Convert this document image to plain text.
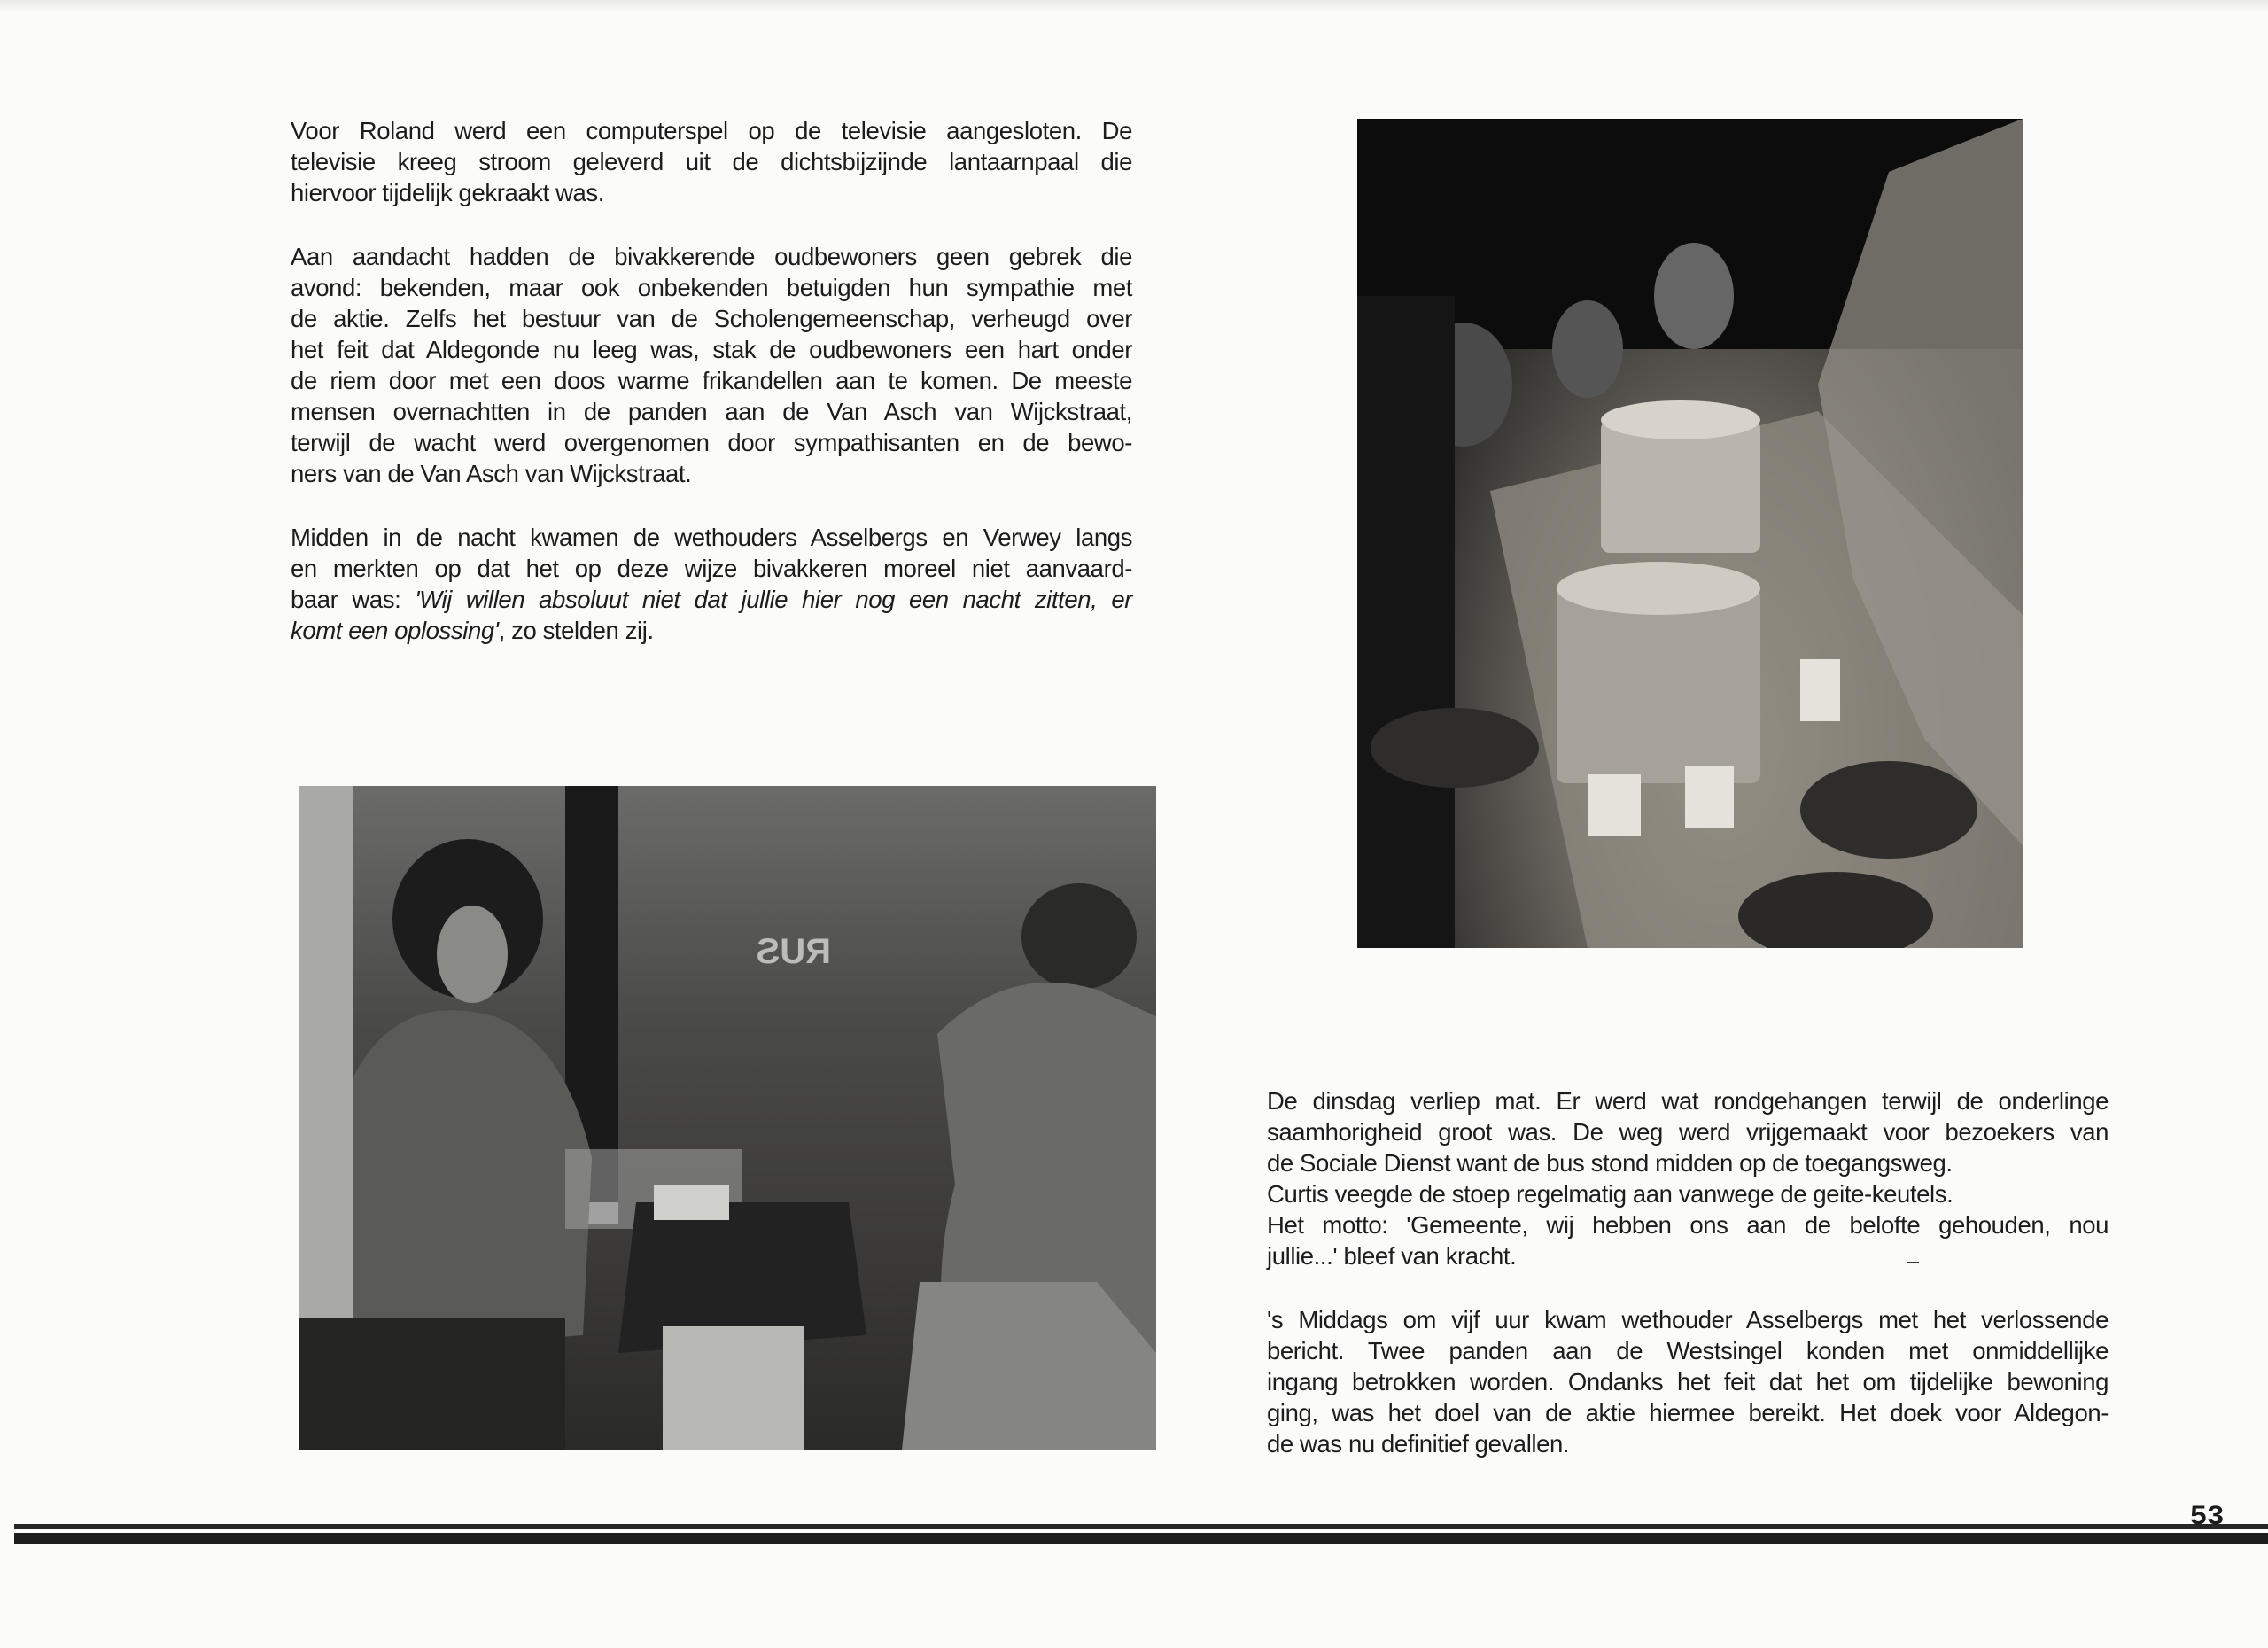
Voor Roland werd een computerspel op de televisie aangesloten. De
televisie kreeg stroom geleverd uit de dichtsbijzijnde lantaarnpaal die
hiervoor tijdelijk gekraakt was.
Aan aandacht hadden de bivakkerende oudbewoners geen gebrek die
avond: bekenden, maar ook onbekenden betuigden hun sympathie met
de aktie. Zelfs het bestuur van de Scholengemeenschap, verheugd over
het feit dat Aldegonde nu leeg was, stak de oudbewoners een hart onder
de riem door met een doos warme frikandellen aan te komen. De meeste
mensen overnachtten in de panden aan de Van Asch van Wijckstraat,
terwijl de wacht werd overgenomen door sympathisanten en de bewo-
ners van de Van Asch van Wijckstraat.
Midden in de nacht kwamen de wethouders Asselbergs en Verwey langs
en merkten op dat het op deze wijze bivakkeren moreel niet aanvaard-
baar was: 'Wij willen absoluut niet dat jullie hier nog een nacht zitten, er
komt een oplossing', zo stelden zij.
RUS
De dinsdag verliep mat. Er werd wat rondgehangen terwijl de onderlinge
saamhorigheid groot was. De weg werd vrijgemaakt voor bezoekers van
de Sociale Dienst want de bus stond midden op de toegangsweg.
Curtis veegde de stoep regelmatig aan vanwege de geite-keutels.
Het motto: 'Gemeente, wij hebben ons aan de belofte gehouden, nou
jullie...' bleef van kracht.
's Middags om vijf uur kwam wethouder Asselbergs met het verlossende
bericht. Twee panden aan de Westsingel konden met onmiddellijke
ingang betrokken worden. Ondanks het feit dat het om tijdelijke bewoning
ging, was het doel van de aktie hiermee bereikt. Het doek voor Aldegon-
de was nu definitief gevallen.
53
